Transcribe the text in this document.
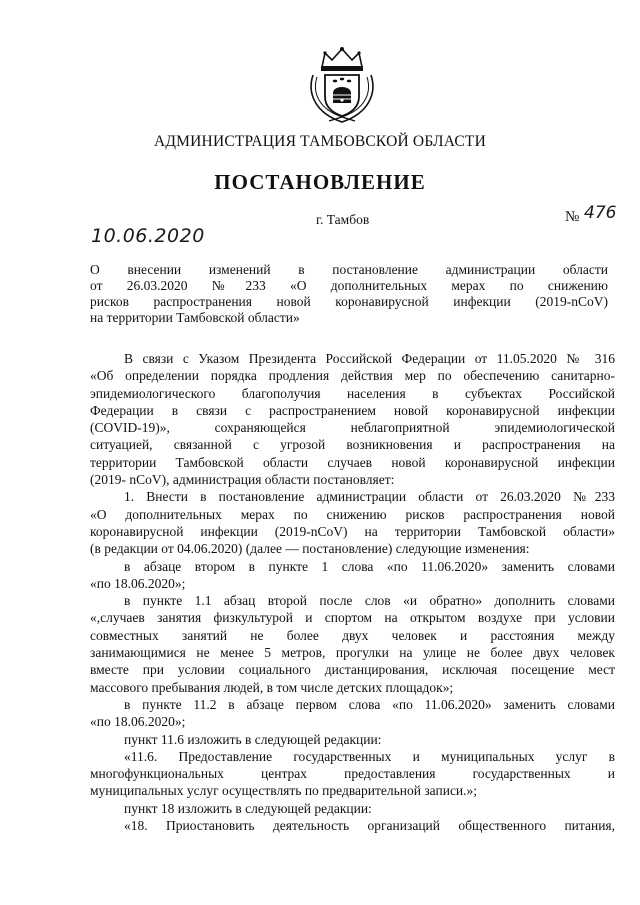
АДМИНИСТРАЦИЯ ТАМБОВСКОЙ ОБЛАСТИ
ПОСТАНОВЛЕНИЕ
г. Тамбов	№ 476
10.06.2020
О внесении изменений в постановление администрации области
от 26.03.2020 №233 «О дополнительных мерах по снижению
рисков распространения новой коронавирусной инфекции (2019-nCoV)
на территории Тамбовской области»
В связи с Указом Президента Российской Федерации от 11.05.2020 № 316
«Об определении порядка продления действия мер по обеспечению санитарно-
эпидемиологического благополучия населения в субъектах Российской
Федерации в связи с распространением новой коронавирусной инфекции
(COVID-19)», сохраняющейся неблагоприятной эпидемиологической
ситуацией, связанной с угрозой возникновения и распространения на
территории Тамбовской области случаев новой коронавирусной инфекции
(2019- nCoV), администрация области постановляет:
1. Внести в постановление администрации области от 26.03.2020 №233
«О дополнительных мерах по снижению рисков распространения новой
коронавирусной инфекции (2019-nCoV) на территории Тамбовской области»
(в редакции от 04.06.2020) (далее — постановление) следующие изменения:
в абзаце втором в пункте 1 слова «по 11.06.2020» заменить словами
«по 18.06.2020»;
в пункте 1.1 абзац второй после слов «и обратно» дополнить словами
«,случаев занятия физкультурой и спортом на открытом воздухе при условии
совместных занятий не более двух человек и расстояния между
занимающимися не менее 5 метров, прогулки на улице не более двух человек
вместе при условии социального дистанцирования, исключая посещение мест
массового пребывания людей, в том числе детских площадок»;
в пункте 11.2 в абзаце первом слова «по 11.06.2020» заменить словами
«по 18.06.2020»;
пункт 11.6 изложить в следующей редакции:
«11.6. Предоставление государственных и муниципальных услуг в
многофункциональных центрах предоставления государственных и
муниципальных услуг осуществлять по предварительной записи.»;
пункт 18 изложить в следующей редакции:
«18. Приостановить деятельность организаций общественного питания,
